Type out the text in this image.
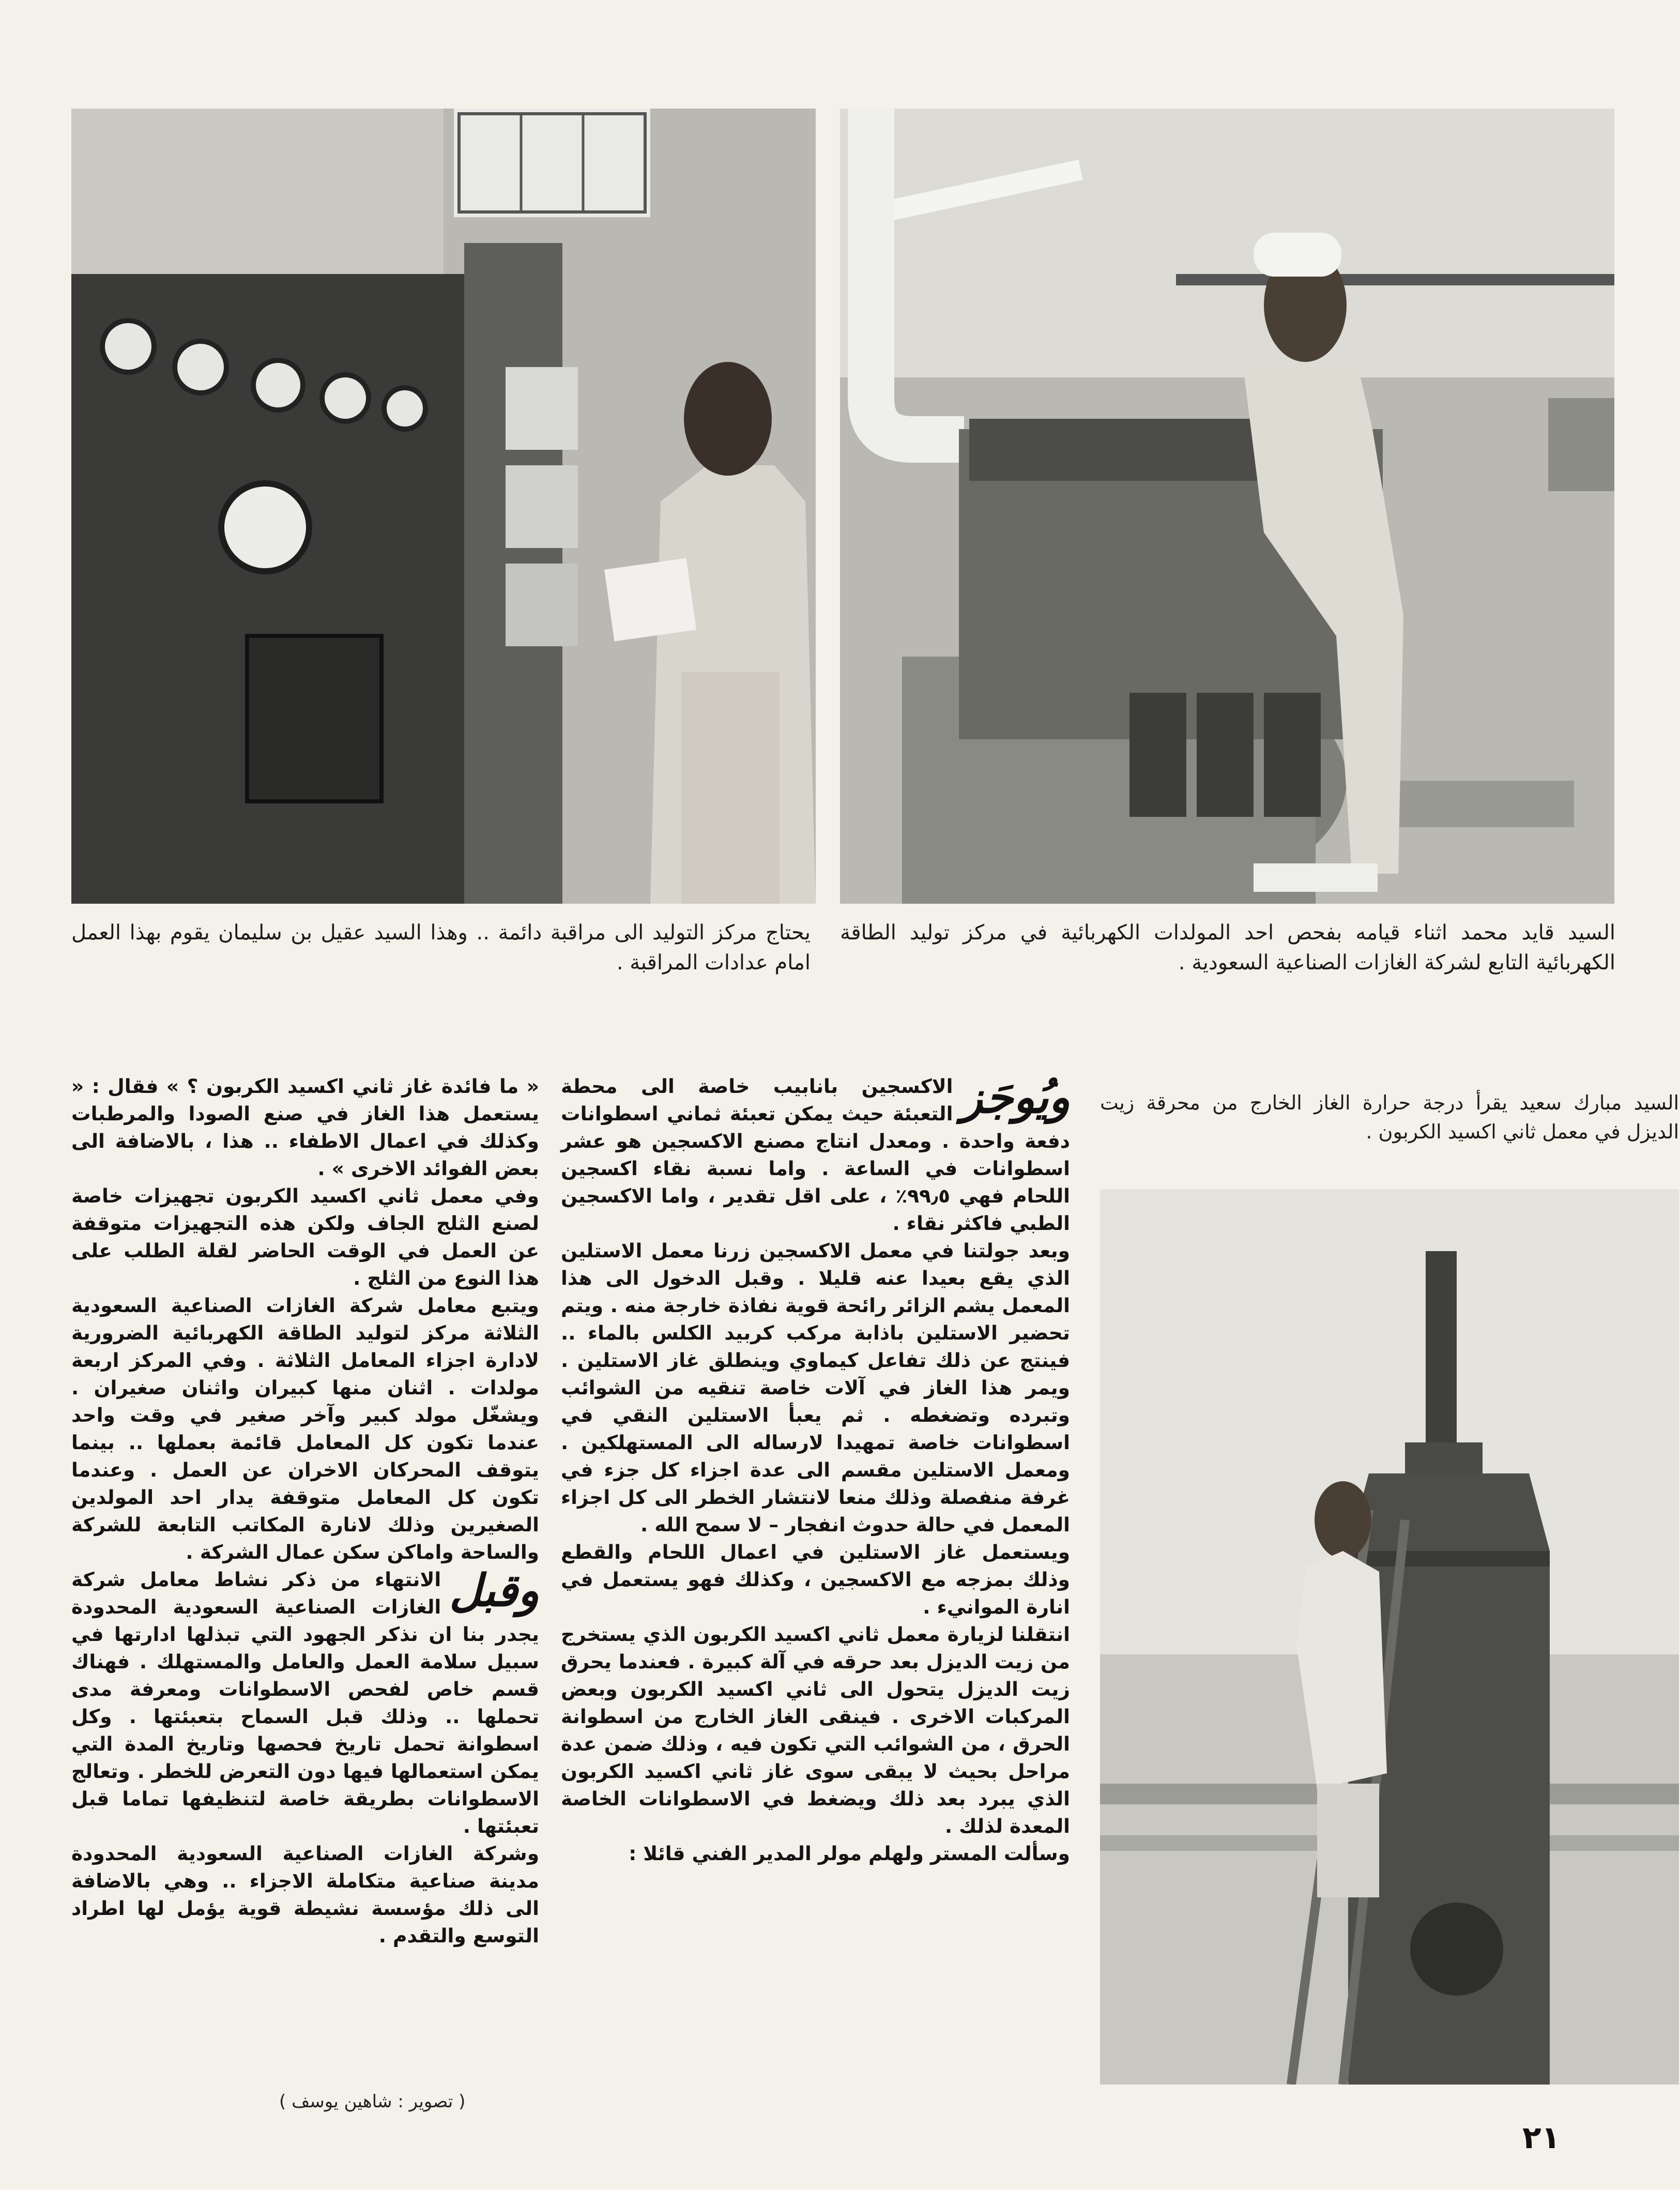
السيد قايد محمد اثناء قيامه بفحص احد المولدات الكهربائية في مركز توليد الطاقة الكهربائية التابع لشركة الغازات الصناعية السعودية .
يحتاج مركز التوليد الى مراقبة دائمة .. وهذا السيد عقيل بن سليمان يقوم بهذا العمل امام عدادات المراقبة .
السيد مبارك سعيد يقرأ درجة حرارة الغاز الخارج من محرقة زيت الديزل في معمل ثاني اكسيد الكربون .
ويُوجَز

الاكسجين بانابيب خاصة الى محطة التعبئة حيث يمكن تعبئة ثماني اسطوانات دفعة واحدة . ومعدل انتاج مصنع الاكسجين هو عشر اسطوانات في الساعة . واما نسبة نقاء اكسجين اللحام فهي ٩٩٫٥٪ ، على اقل تقدير ، واما الاكسجين الطبي فاكثر نقاء .

وبعد جولتنا في معمل الاكسجين زرنا معمل الاستلين الذي يقع بعيدا عنه قليلا . وقبل الدخول الى هذا المعمل يشم الزائر رائحة قوية نفاذة خارجة منه . ويتم تحضير الاستلين باذابة مركب كربيد الكلس بالماء .. فينتج عن ذلك تفاعل كيماوي وينطلق غاز الاستلين . ويمر هذا الغاز في آلات خاصة تنقيه من الشوائب وتبرده وتضغطه . ثم يعبأ الاستلين النقي في اسطوانات خاصة تمهيدا لارساله الى المستهلكين . ومعمل الاستلين مقسم الى عدة اجزاء كل جزء في غرفة منفصلة وذلك منعا لانتشار الخطر الى كل اجزاء المعمل في حالة حدوث انفجار – لا سمح الله .

ويستعمل غاز الاستلين في اعمال اللحام والقطع وذلك بمزجه مع الاكسجين ، وكذلك فهو يستعمل في انارة الموانيء .

انتقلنا لزيارة معمل ثاني اكسيد الكربون الذي يستخرج من زيت الديزل بعد حرقه في آلة كبيرة . فعندما يحرق زيت الديزل يتحول الى ثاني اكسيد الكربون وبعض المركبات الاخرى . فينقى الغاز الخارج من اسطوانة الحرق ، من الشوائب التي تكون فيه ، وذلك ضمن عدة مراحل بحيث لا يبقى سوى غاز ثاني اكسيد الكربون الذي يبرد بعد ذلك ويضغط في الاسطوانات الخاصة المعدة لذلك .

وسألت المستر ولهلم مولر المدير الفني قائلا :

« ما فائدة غاز ثاني اكسيد الكربون ؟ » فقال : « يستعمل هذا الغاز في صنع الصودا والمرطبات وكذلك في اعمال الاطفاء .. هذا ، بالاضافة الى بعض الفوائد الاخرى » .

وفي معمل ثاني اكسيد الكربون تجهيزات خاصة لصنع الثلج الجاف ولكن هذه التجهيزات متوقفة عن العمل في الوقت الحاضر لقلة الطلب على هذا النوع من الثلج .

ويتبع معامل شركة الغازات الصناعية السعودية الثلاثة مركز لتوليد الطاقة الكهربائية الضرورية لادارة اجزاء المعامل الثلاثة . وفي المركز اربعة مولدات . اثنان منها كبيران واثنان صغيران . ويشغّل مولد كبير وآخر صغير في وقت واحد عندما تكون كل المعامل قائمة بعملها .. بينما يتوقف المحركان الاخران عن العمل . وعندما تكون كل المعامل متوقفة يدار احد المولدين الصغيرين وذلك لانارة المكاتب التابعة للشركة والساحة واماكن سكن عمال الشركة .

وقبل

الانتهاء من ذكر نشاط معامل شركة الغازات الصناعية السعودية المحدودة يجدر بنا ان نذكر الجهود التي تبذلها ادارتها في سبيل سلامة العمل والعامل والمستهلك . فهناك قسم خاص لفحص الاسطوانات ومعرفة مدى تحملها .. وذلك قبل السماح بتعبئتها . وكل اسطوانة تحمل تاريخ فحصها وتاريخ المدة التي يمكن استعمالها فيها دون التعرض للخطر . وتعالج الاسطوانات بطريقة خاصة لتنظيفها تماما قبل تعبئتها .

وشركة الغازات الصناعية السعودية المحدودة مدينة صناعية متكاملة الاجزاء .. وهي بالاضافة الى ذلك مؤسسة نشيطة قوية يؤمل لها اطراد التوسع والتقدم .

( تصوير : شاهين يوسف )
٢١
